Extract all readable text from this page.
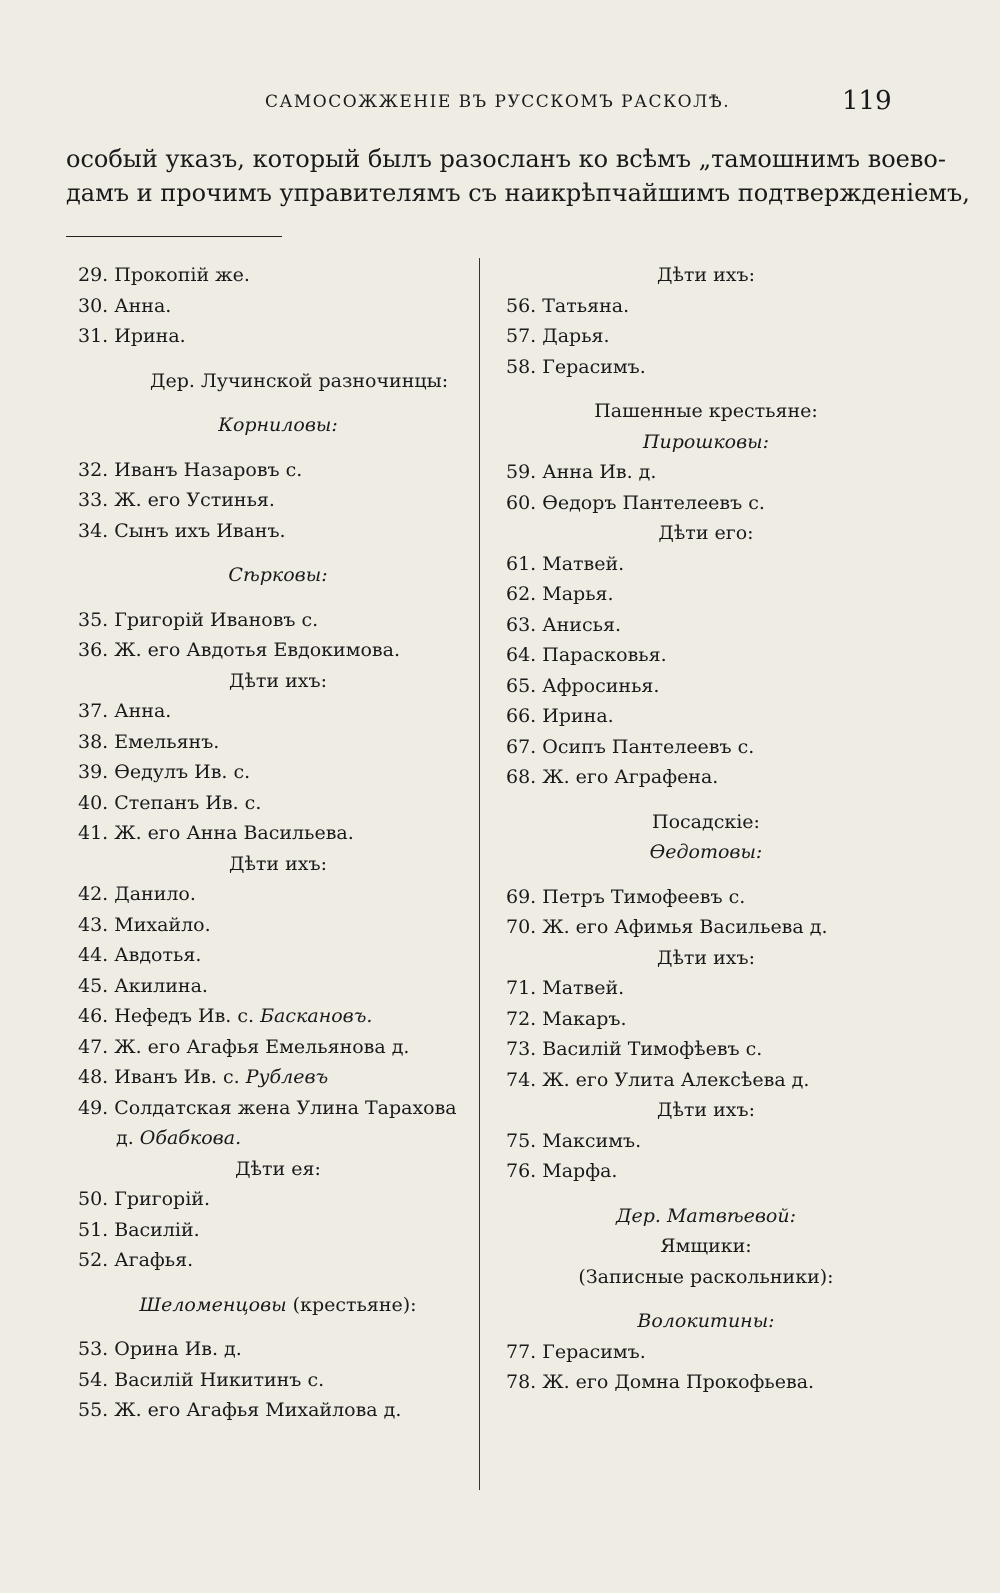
САМОСОЖЖЕНІЕ ВЪ РУССКОМЪ РАСКОЛѢ.	119
особый указъ, который былъ разосланъ ко всѣмъ „тамошнимъ воево-
дамъ и прочимъ управителямъ съ наикрѣпчайшимъ подтвержденіемъ,
29. Прокопій же.
30. Анна.
31. Ирина.
Дер. Лучинской разночинцы:
Корниловы:
32. Иванъ Назаровъ с.
33. Ж. его Устинья.
34. Сынъ ихъ Иванъ.
Сѣрковы:
35. Григорій Ивановъ с.
36. Ж. его Авдотья Евдокимова.
Дѣти ихъ:
37. Анна.
38. Емельянъ.
39. Ѳедулъ Ив. с.
40. Степанъ Ив. с.
41. Ж. его Анна Васильева.
Дѣти ихъ:
42. Данило.
43. Михайло.
44. Авдотья.
45. Акилина.
46. Нефедъ Ив. с. Баскановъ.
47. Ж. его Агафья Емельянова д.
48. Иванъ Ив. с. Рублевъ
49. Солдатская жена Улина Тарахова
д. Обабкова.
Дѣти ея:
50. Григорій.
51. Василій.
52. Агафья.
Шеломенцовы (крестьяне):
53. Орина Ив. д.
54. Василій Никитинъ с.
55. Ж. его Агафья Михайлова д.
Дѣти ихъ:
56. Татьяна.
57. Дарья.
58. Герасимъ.
Пашенные крестьяне:
Пирошковы:
59. Анна Ив. д.
60. Ѳедоръ Пантелеевъ с.
Дѣти его:
61. Матвей.
62. Марья.
63. Анисья.
64. Парасковья.
65. Афросинья.
66. Ирина.
67. Осипъ Пантелеевъ с.
68. Ж. его Аграфена.
Посадскіе:
Ѳедотовы:
69. Петръ Тимофеевъ с.
70. Ж. его Афимья Васильева д.
Дѣти ихъ:
71. Матвей.
72. Макаръ.
73. Василій Тимофѣевъ с.
74. Ж. его Улита Алексѣева д.
Дѣти ихъ:
75. Максимъ.
76. Марфа.
Дер. Матвѣевой:
Ямщики:
(Записные раскольники):
Волокитины:
77. Герасимъ.
78. Ж. его Домна Прокофьева.
